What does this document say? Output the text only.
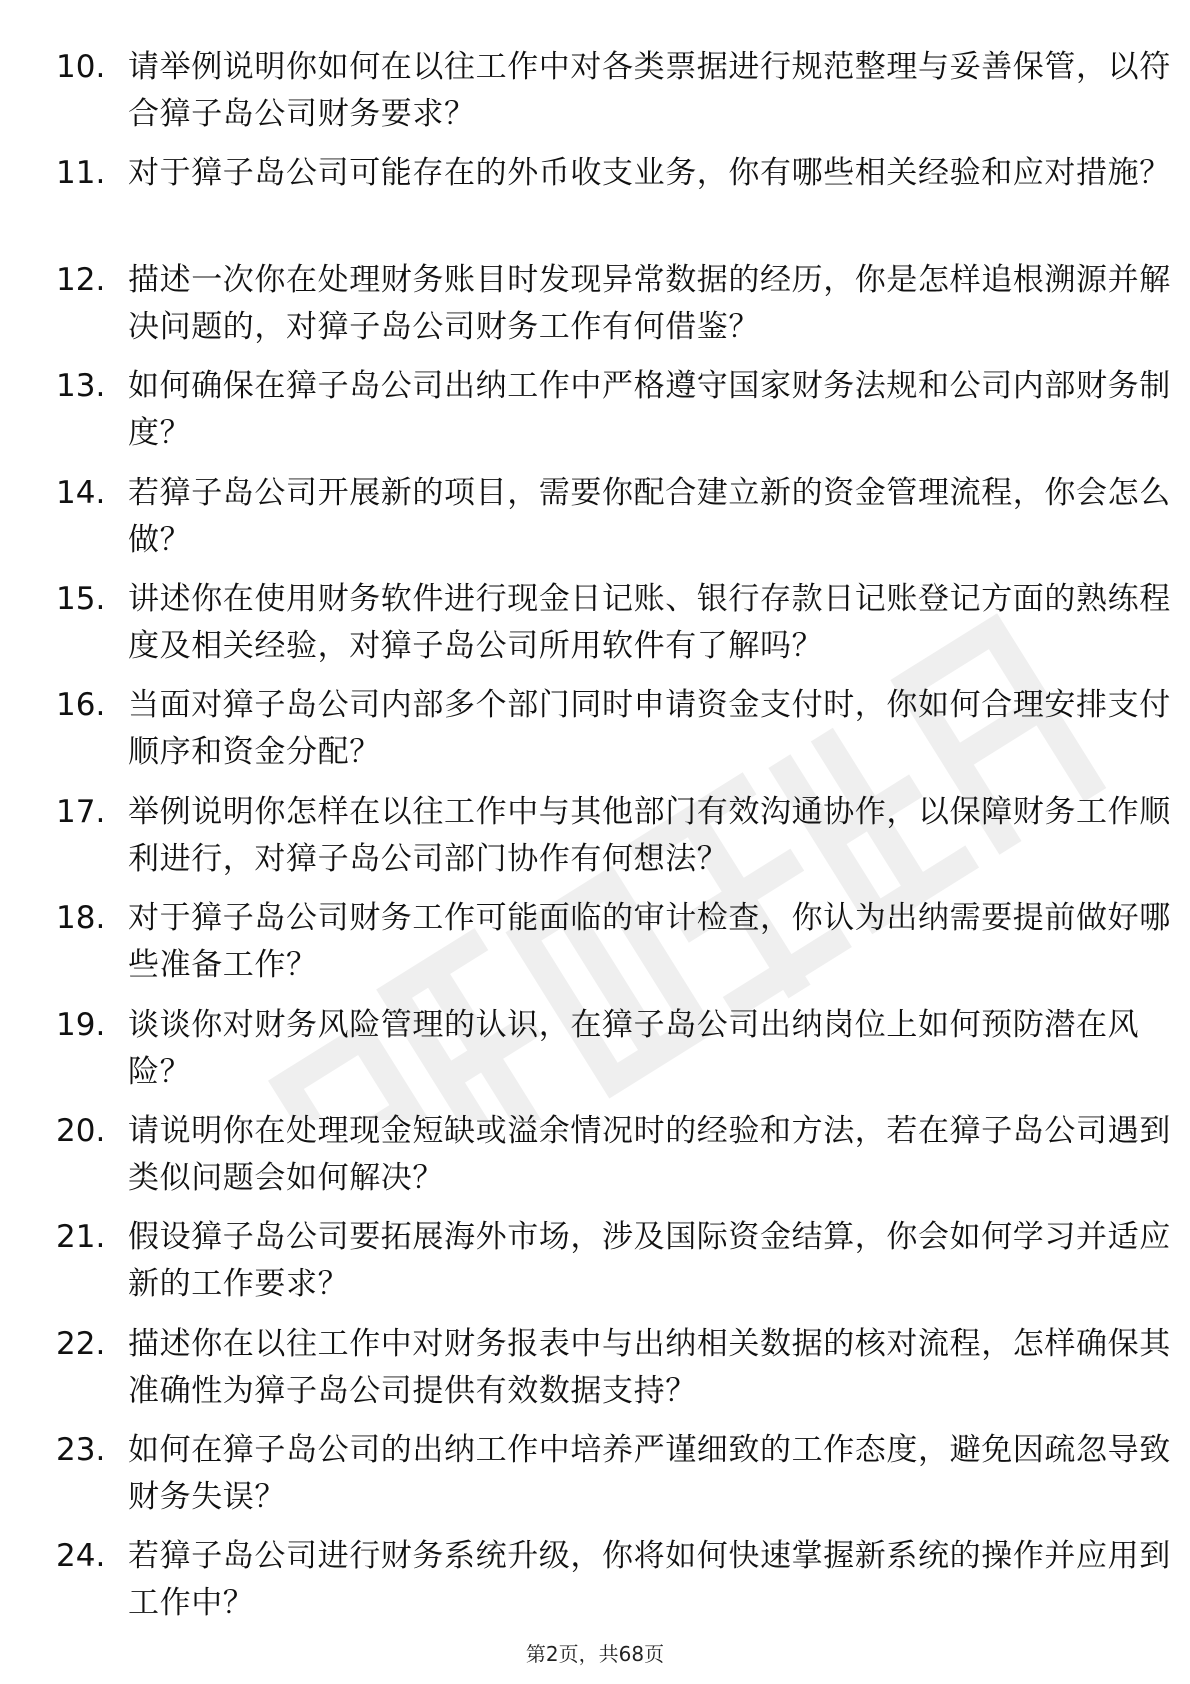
10. 请举例说明你如何在以往工作中对各类票据进行规范整理与妥善保管，以符合獐子岛公司财务要求？
11. 对于獐子岛公司可能存在的外币收支业务，你有哪些相关经验和应对措施？
12. 描述一次你在处理财务账目时发现异常数据的经历，你是怎样追根溯源并解决问题的，对獐子岛公司财务工作有何借鉴？
13. 如何确保在獐子岛公司出纳工作中严格遵守国家财务法规和公司内部财务制度？
14. 若獐子岛公司开展新的项目，需要你配合建立新的资金管理流程，你会怎么做？
15. 讲述你在使用财务软件进行现金日记账、银行存款日记账登记方面的熟练程度及相关经验，对獐子岛公司所用软件有了解吗？
16. 当面对獐子岛公司内部多个部门同时申请资金支付时，你如何合理安排支付顺序和资金分配？
17. 举例说明你怎样在以往工作中与其他部门有效沟通协作，以保障财务工作顺利进行，对獐子岛公司部门协作有何想法？
18. 对于獐子岛公司财务工作可能面临的审计检查，你认为出纳需要提前做好哪些准备工作？
19. 谈谈你对财务风险管理的认识，在獐子岛公司出纳岗位上如何预防潜在风险？
20. 请说明你在处理现金短缺或溢余情况时的经验和方法，若在獐子岛公司遇到类似问题会如何解决？
21. 假设獐子岛公司要拓展海外市场，涉及国际资金结算，你会如何学习并适应新的工作要求？
22. 描述你在以往工作中对财务报表中与出纳相关数据的核对流程，怎样确保其准确性为獐子岛公司提供有效数据支持？
23. 如何在獐子岛公司的出纳工作中培养严谨细致的工作态度，避免因疏忽导致财务失误？
24. 若獐子岛公司进行财务系统升级，你将如何快速掌握新系统的操作并应用到工作中？
第2页，共68页
